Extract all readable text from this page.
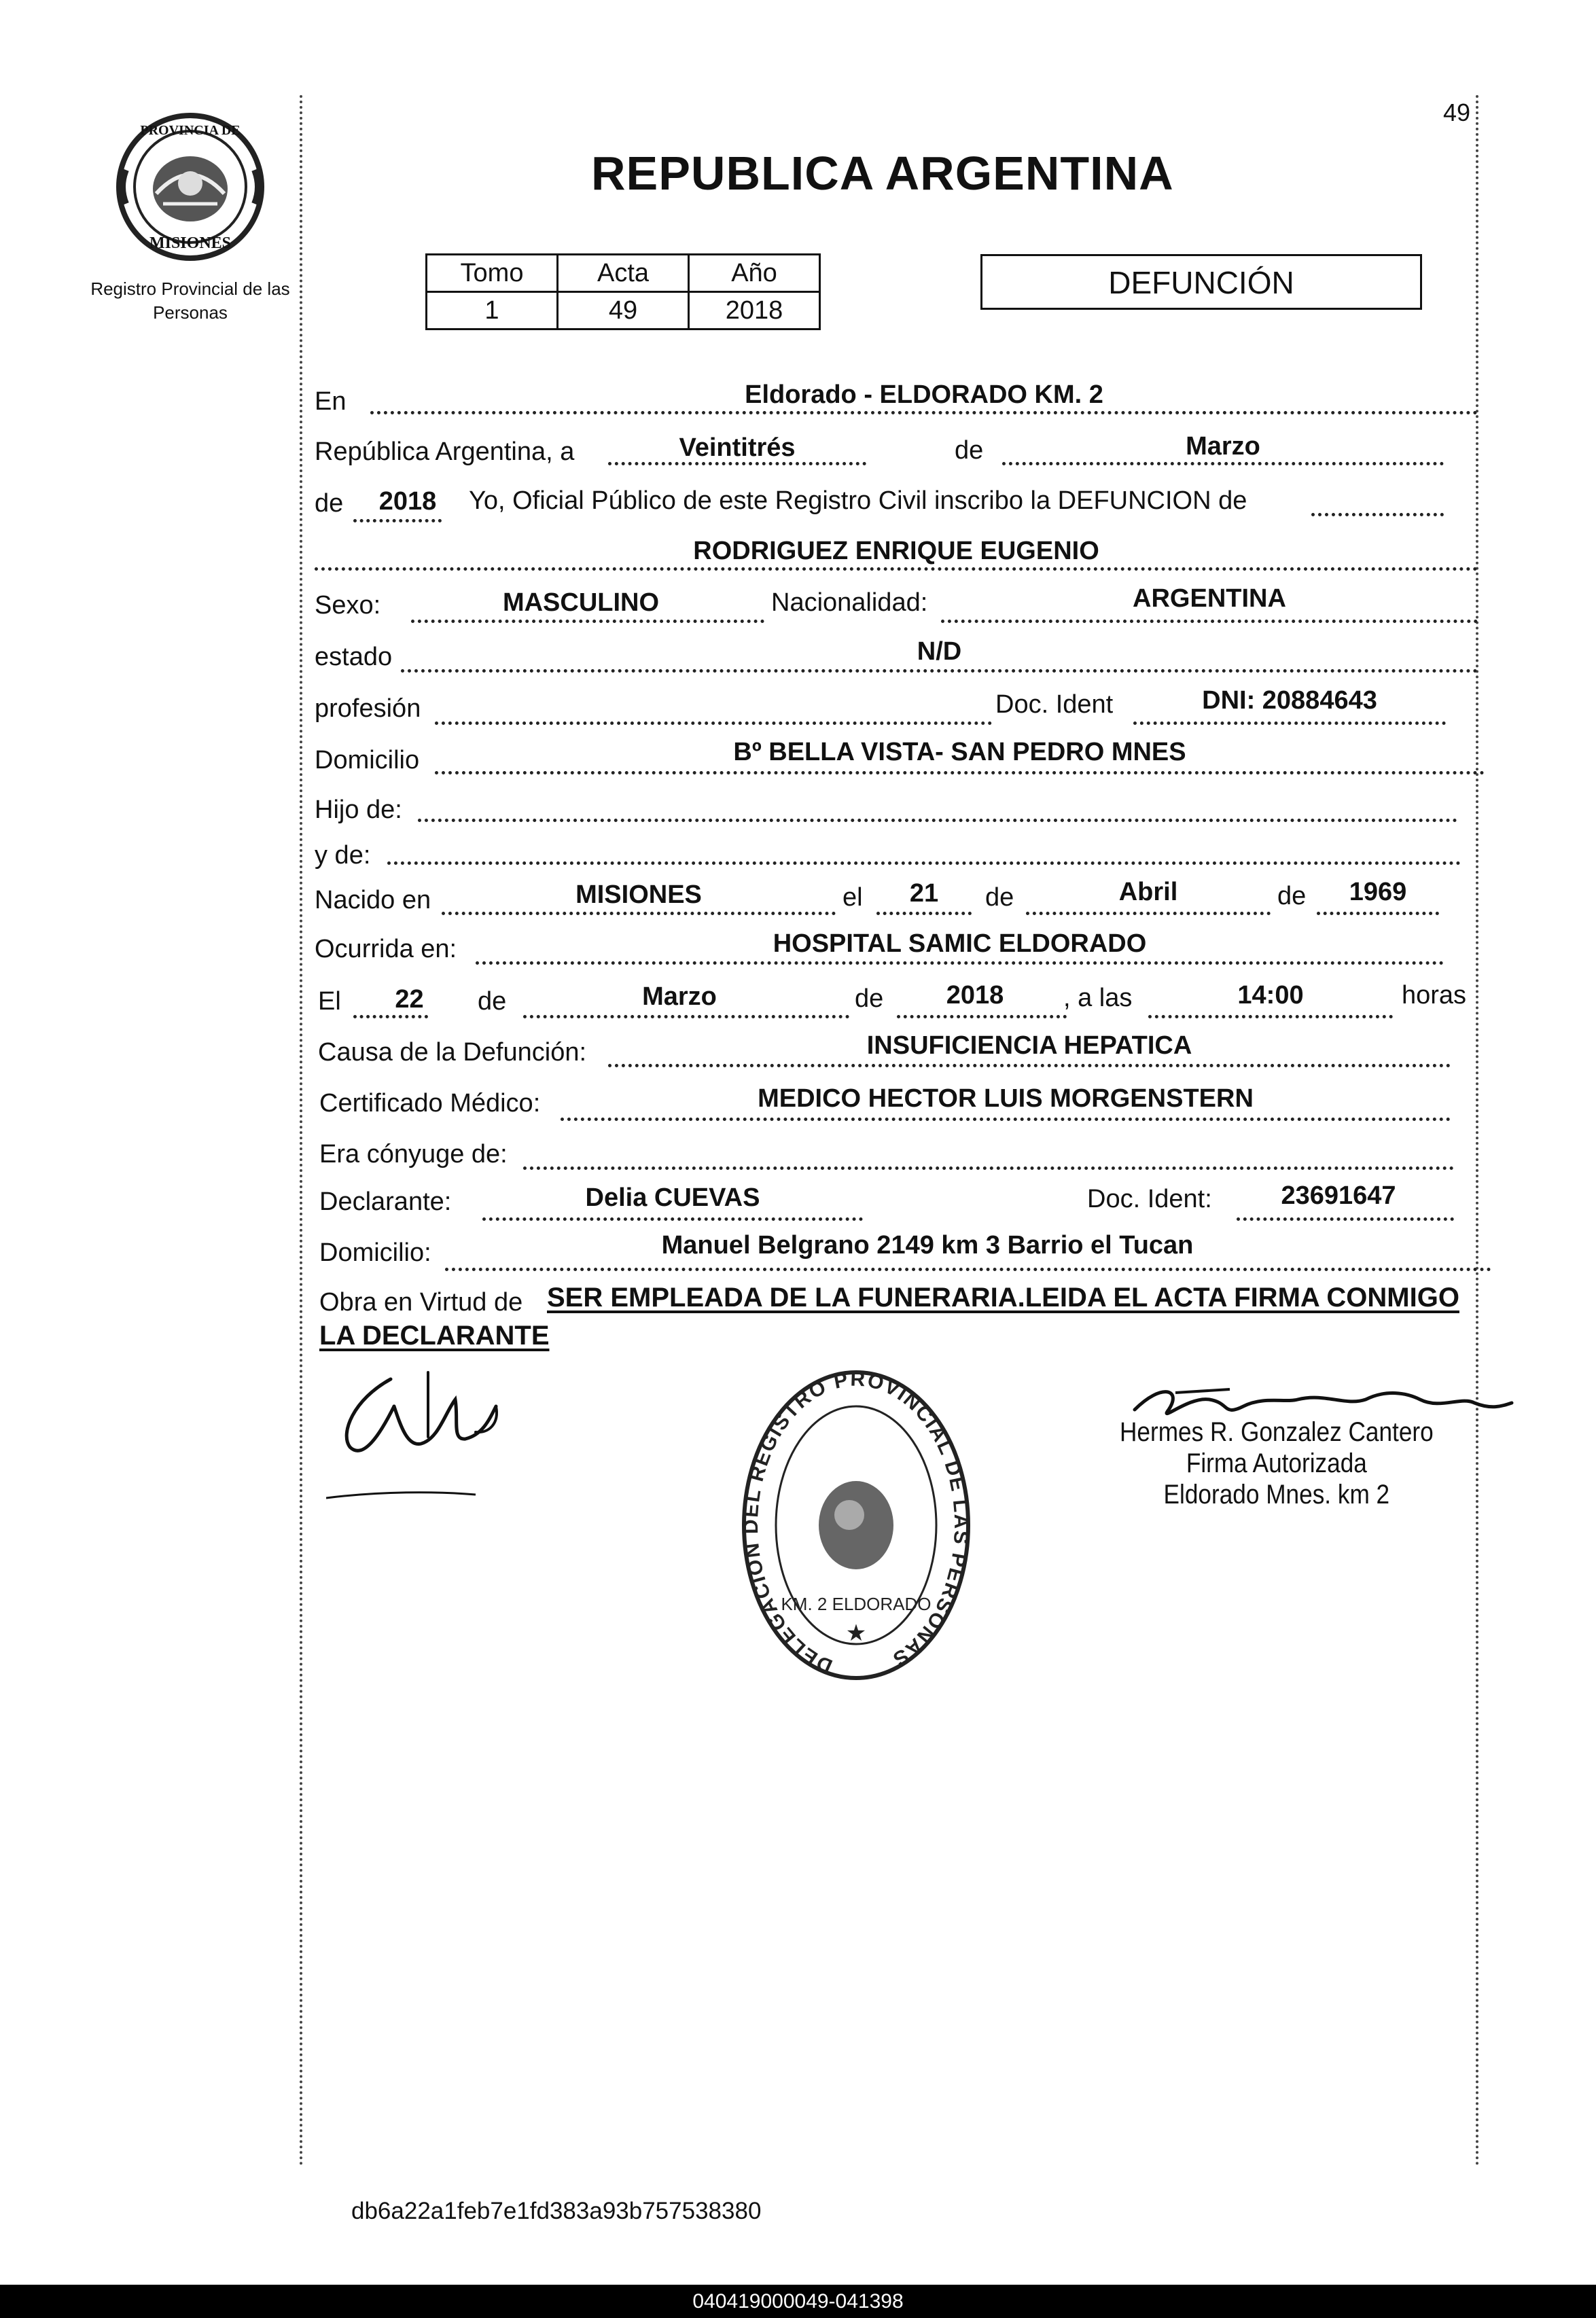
PROVINCIA DE
MISIONES
Registro Provincial de las Personas
49
REPUBLICA ARGENTINA
Tomo	Acta	Año
1	49	2018
DEFUNCIÓN
En	Eldorado - ELDORADO KM. 2
República Argentina, a	Veintitrés	de	Marzo
de	2018	Yo, Oficial Público de este Registro Civil inscribo la DEFUNCION de
RODRIGUEZ ENRIQUE EUGENIO
Sexo:	MASCULINO	Nacionalidad:	ARGENTINA
estado	N/D
profesión	Doc. Ident	DNI: 20884643
Domicilio	Bº BELLA VISTA- SAN PEDRO MNES
Hijo de:
y de:
Nacido en	MISIONES	el	21	de	Abril	de	1969
Ocurrida en:	HOSPITAL SAMIC ELDORADO
El	22	de	Marzo	de	2018	, a las	14:00	horas
Causa de la Defunción:	INSUFICIENCIA HEPATICA
Certificado Médico:	MEDICO HECTOR LUIS MORGENSTERN
Era cónyuge de:
Declarante:	Delia CUEVAS	Doc. Ident:	23691647
Domicilio:	Manuel Belgrano 2149 km 3 Barrio el Tucan
Obra en Virtud de SER EMPLEADA DE LA FUNERARIA.LEIDA EL ACTA FIRMA CONMIGO
LA DECLARANTE
DELEGACION DEL REGISTRO PROVINCIAL DE LAS PERSONAS
KM. 2 ELDORADO
★
Hermes R. Gonzalez Cantero
Firma Autorizada
Eldorado Mnes. km 2
db6a22a1feb7e1fd383a93b757538380
040419000049-041398
